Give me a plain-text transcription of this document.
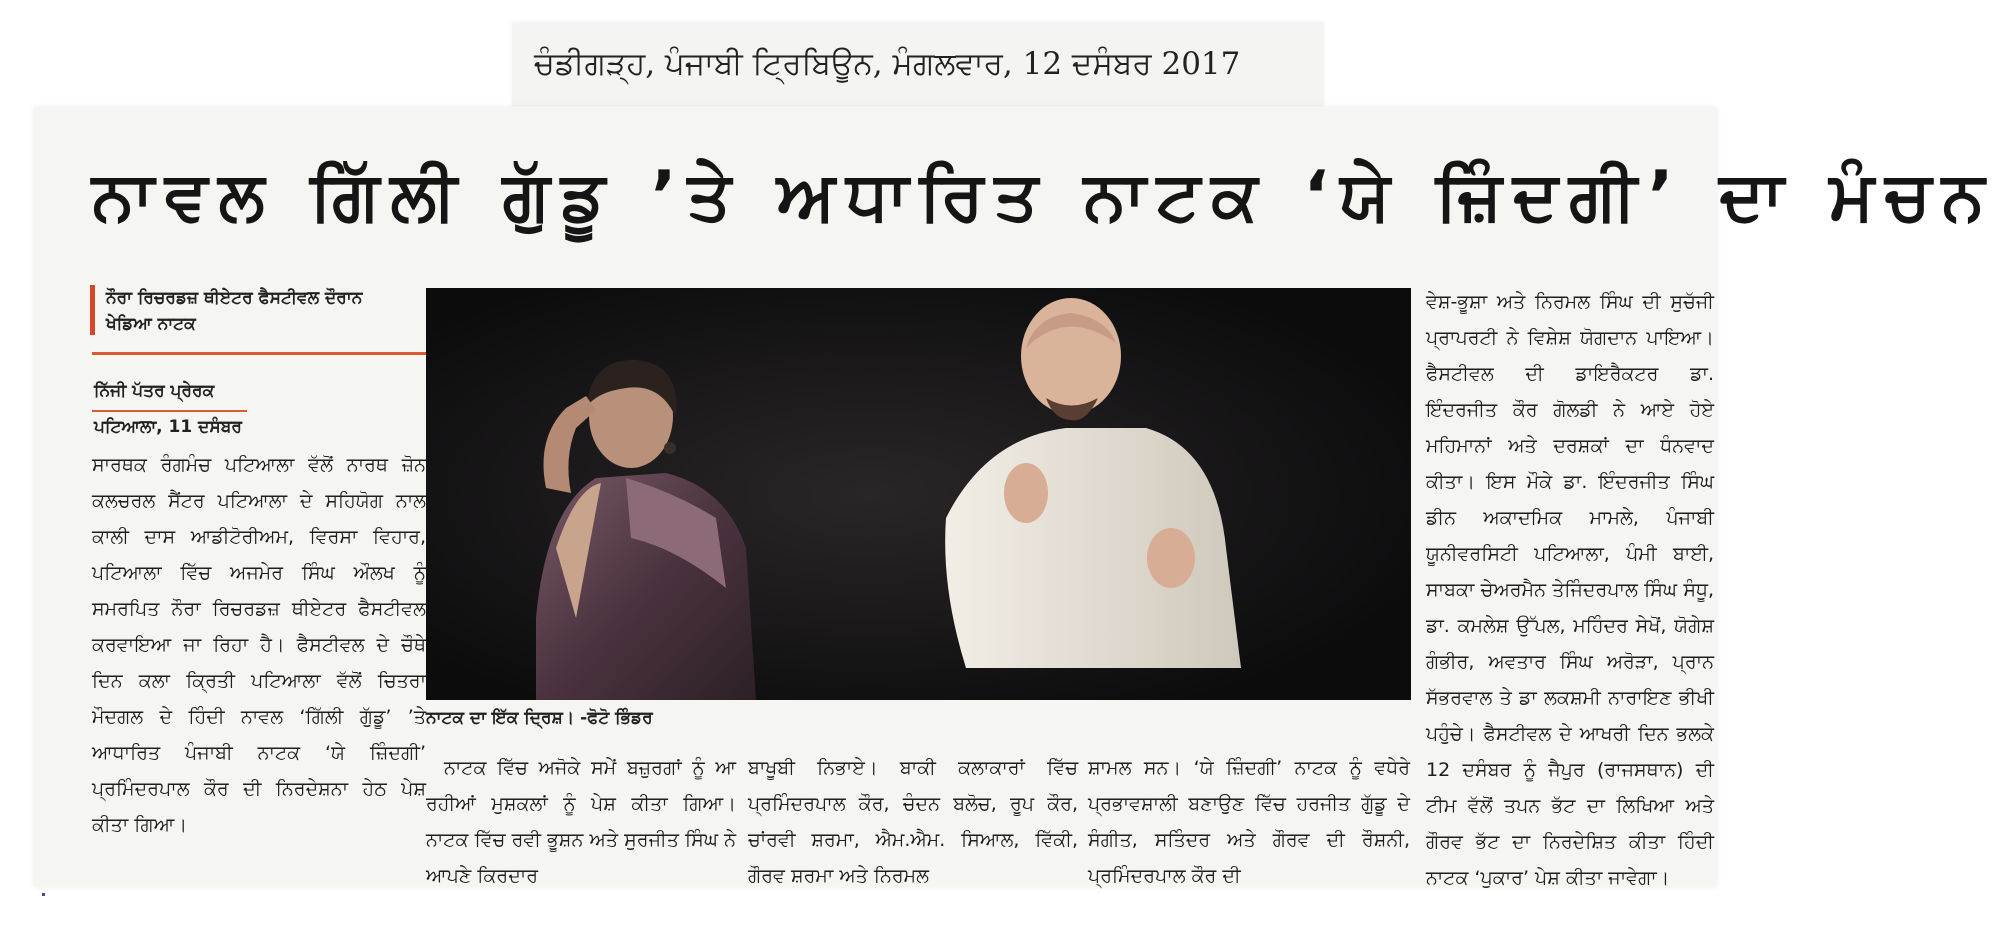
ਚੰਡੀਗੜ੍ਹ, ਪੰਜਾਬੀ ਟ੍ਰਿਬਿਊਨ, ਮੰਗਲਵਾਰ, 12 ਦਸੰਬਰ 2017
ਨਾਵਲ ਗਿੱਲੀ ਗੁੱਡੂ ’ਤੇ ਅਧਾਰਿਤ ਨਾਟਕ ‘ਯੇ ਜ਼ਿੰਦਗੀ’ ਦਾ ਮੰਚਨ
ਨੌਰਾ ਰਿਚਰਡਜ਼ ਥੀਏਟਰ ਫੈਸਟੀਵਲ ਦੌਰਾਨ ਖੇਡਿਆ ਨਾਟਕ
ਨਿੱਜੀ ਪੱਤਰ ਪ੍ਰੇਰਕ
ਪਟਿਆਲਾ, 11 ਦਸੰਬਰ
ਸਾਰਥਕ ਰੰਗਮੰਚ ਪਟਿਆਲਾ ਵੱਲੋਂ ਨਾਰਥ ਜ਼ੋਨ ਕਲਚਰਲ ਸੈਂਟਰ ਪਟਿਆਲਾ ਦੇ ਸਹਿਯੋਗ ਨਾਲ ਕਾਲੀ ਦਾਸ ਆਡੀਟੋਰੀਅਮ, ਵਿਰਸਾ ਵਿਹਾਰ, ਪਟਿਆਲਾ ਵਿੱਚ ਅਜਮੇਰ ਸਿੰਘ ਔਲਖ ਨੂੰ ਸਮਰਪਿਤ ਨੌਰਾ ਰਿਚਰਡਜ਼ ਥੀਏਟਰ ਫੈਸਟੀਵਲ ਕਰਵਾਇਆ ਜਾ ਰਿਹਾ ਹੈ। ਫੈਸਟੀਵਲ ਦੇ ਚੌਥੇ ਦਿਨ ਕਲਾ ਕ੍ਰਿਤੀ ਪਟਿਆਲਾ ਵੱਲੋਂ ਚਿਤਰਾ ਮੌਦਗਲ ਦੇ ਹਿੰਦੀ ਨਾਵਲ ‘ਗਿੱਲੀ ਗੁੱਡੂ’ ’ਤੇ ਆਧਾਰਿਤ ਪੰਜਾਬੀ ਨਾਟਕ ‘ਯੇ ਜ਼ਿੰਦਗੀ’ ਪ੍ਰਮਿੰਦਰਪਾਲ ਕੌਰ ਦੀ ਨਿਰਦੇਸ਼ਨਾ ਹੇਠ ਪੇਸ਼ ਕੀਤਾ ਗਿਆ।
ਨਾਟਕ ਦਾ ਇੱਕ ਦ੍ਰਿਸ਼। -ਫੋਟੋ ਭਿੰਡਰ
ਨਾਟਕ ਵਿੱਚ ਅਜੋਕੇ ਸਮੇਂ ਬਜ਼ੁਰਗਾਂ ਨੂੰ ਆ ਰਹੀਆਂ ਮੁਸ਼ਕਲਾਂ ਨੂੰ ਪੇਸ਼ ਕੀਤਾ ਗਿਆ। ਨਾਟਕ ਵਿੱਚ ਰਵੀ ਭੂਸ਼ਨ ਅਤੇ ਸੁਰਜੀਤ ਸਿੰਘ ਨੇ ਆਪਣੇ ਕਿਰਦਾਰ
ਬਾਖੂਬੀ ਨਿਭਾਏ। ਬਾਕੀ ਕਲਾਕਾਰਾਂ ਵਿੱਚ ਪ੍ਰਮਿੰਦਰਪਾਲ ਕੌਰ, ਚੰਦਨ ਬਲੋਚ, ਰੂਪ ਕੌਰ, ਚਾਂਰਵੀ ਸ਼ਰਮਾ, ਐਮ.ਐਮ. ਸਿਆਲ, ਵਿੱਕੀ, ਗੌਰਵ ਸ਼ਰਮਾ ਅਤੇ ਨਿਰਮਲ
ਸ਼ਾਮਲ ਸਨ। ‘ਯੇ ਜ਼ਿੰਦਗੀ’ ਨਾਟਕ ਨੂੰ ਵਧੇਰੇ ਪ੍ਰਭਾਵਸ਼ਾਲੀ ਬਣਾਉਣ ਵਿੱਚ ਹਰਜੀਤ ਗੁੱਡੂ ਦੇ ਸੰਗੀਤ, ਸਤਿੰਦਰ ਅਤੇ ਗੌਰਵ ਦੀ ਰੌਸ਼ਨੀ, ਪ੍ਰਮਿੰਦਰਪਾਲ ਕੌਰ ਦੀ
ਵੇਸ਼-ਭੂਸ਼ਾ ਅਤੇ ਨਿਰਮਲ ਸਿੰਘ ਦੀ ਸੁਚੱਜੀ ਪ੍ਰਾਪਰਟੀ ਨੇ ਵਿਸ਼ੇਸ਼ ਯੋਗਦਾਨ ਪਾਇਆ। ਫੈਸਟੀਵਲ ਦੀ ਡਾਇਰੈਕਟਰ ਡਾ. ਇੰਦਰਜੀਤ ਕੌਰ ਗੋਲਡੀ ਨੇ ਆਏ ਹੋਏ ਮਹਿਮਾਨਾਂ ਅਤੇ ਦਰਸ਼ਕਾਂ ਦਾ ਧੰਨਵਾਦ ਕੀਤਾ। ਇਸ ਮੌਕੇ ਡਾ. ਇੰਦਰਜੀਤ ਸਿੰਘ ਡੀਨ ਅਕਾਦਮਿਕ ਮਾਮਲੇ, ਪੰਜਾਬੀ ਯੂਨੀਵਰਸਿਟੀ ਪਟਿਆਲਾ, ਪੰਮੀ ਬਾਈ, ਸਾਬਕਾ ਚੇਅਰਮੈਨ ਤੇਜਿੰਦਰਪਾਲ ਸਿੰਘ ਸੰਧੂ, ਡਾ. ਕਮਲੇਸ਼ ਉੱਪਲ, ਮਹਿੰਦਰ ਸੇਖੋਂ, ਯੋਗੇਸ਼ ਗੰਭੀਰ, ਅਵਤਾਰ ਸਿੰਘ ਅਰੋੜਾ, ਪ੍ਰਾਨ ਸੱਭਰਵਾਲ ਤੇ ਡਾ ਲਕਸ਼ਮੀ ਨਾਰਾਇਣ ਭੀਖੀ ਪਹੁੰਚੇ। ਫੈਸਟੀਵਲ ਦੇ ਆਖਰੀ ਦਿਨ ਭਲਕੇ 12 ਦਸੰਬਰ ਨੂੰ ਜੈਪੁਰ (ਰਾਜਸਥਾਨ) ਦੀ ਟੀਮ ਵੱਲੋਂ ਤਪਨ ਭੱਟ ਦਾ ਲਿਖਿਆ ਅਤੇ ਗੌਰਵ ਭੱਟ ਦਾ ਨਿਰਦੇਸ਼ਿਤ ਕੀਤਾ ਹਿੰਦੀ ਨਾਟਕ ‘ਪੁਕਾਰ’ ਪੇਸ਼ ਕੀਤਾ ਜਾਵੇਗਾ।
